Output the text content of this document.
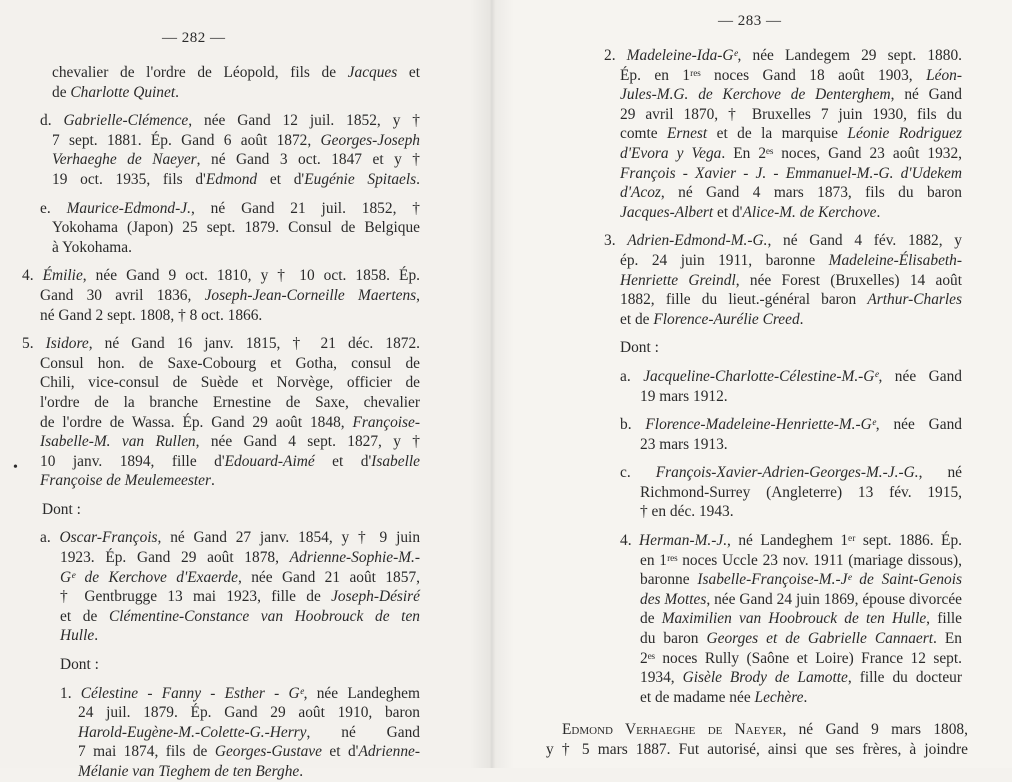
— 282 —
chevalier de l'ordre de Léopold, fils de Jacques et
de Charlotte Quinet.
d. Gabrielle-Clémence, née Gand 12 juil. 1852, y †
7 sept. 1881. Ép. Gand 6 août 1872, Georges-Joseph
Verhaeghe de Naeyer, né Gand 3 oct. 1847 et y †
19 oct. 1935, fils d'Edmond et d'Eugénie Spitaels.
e. Maurice-Edmond-J., né Gand 21 juil. 1852, †
Yokohama (Japon) 25 sept. 1879. Consul de Belgique
à Yokohama.
4. Émilie, née Gand 9 oct. 1810, y † 10 oct. 1858. Ép.
Gand 30 avril 1836, Joseph-Jean-Corneille Maertens,
né Gand 2 sept. 1808, † 8 oct. 1866.
5. Isidore, né Gand 16 janv. 1815, † 21 déc. 1872.
Consul hon. de Saxe-Cobourg et Gotha, consul de
Chili, vice-consul de Suède et Norvège, officier de
l'ordre de la branche Ernestine de Saxe, chevalier
de l'ordre de Wassa. Ép. Gand 29 août 1848, Françoise-
Isabelle-M. van Rullen, née Gand 4 sept. 1827, y †
10 janv. 1894, fille d'Edouard-Aimé et d'Isabelle
Françoise de Meulemeester.
Dont :
a. Oscar-François, né Gand 27 janv. 1854, y † 9 juin
1923. Ép. Gand 29 août 1878, Adrienne-Sophie-M.-
Gᵉ de Kerchove d'Exaerde, née Gand 21 août 1857,
† Gentbrugge 13 mai 1923, fille de Joseph-Désiré
et de Clémentine-Constance van Hoobrouck de ten
Hulle.
Dont :
1. Célestine - Fanny - Esther - Gᵉ, née Landeghem
24 juil. 1879. Ép. Gand 29 août 1910, baron
Harold-Eugène-M.-Colette-G.-Herry, né Gand
7 mai 1874, fils de Georges-Gustave et d'Adrienne-
Mélanie van Tieghem de ten Berghe.
•
— 283 —
2. Madeleine-Ida-Gᵉ, née Landegem 29 sept. 1880.
Ép. en 1ʳᵉˢ noces Gand 18 août 1903, Léon-
Jules-M.G. de Kerchove de Denterghem, né Gand
29 avril 1870, † Bruxelles 7 juin 1930, fils du
comte Ernest et de la marquise Léonie Rodriguez
d'Evora y Vega. En 2ᵉˢ noces, Gand 23 août 1932,
François - Xavier - J. - Emmanuel-M.-G. d'Udekem
d'Acoz, né Gand 4 mars 1873, fils du baron
Jacques-Albert et d'Alice-M. de Kerchove.
3. Adrien-Edmond-M.-G., né Gand 4 fév. 1882, y
ép. 24 juin 1911, baronne Madeleine-Élisabeth-
Henriette Greindl, née Forest (Bruxelles) 14 août
1882, fille du lieut.-général baron Arthur-Charles
et de Florence-Aurélie Creed.
Dont :
a. Jacqueline-Charlotte-Célestine-M.-Gᵉ, née Gand
19 mars 1912.
b. Florence-Madeleine-Henriette-M.-Gᵉ, née Gand
23 mars 1913.
c. François-Xavier-Adrien-Georges-M.-J.-G., né
Richmond-Surrey (Angleterre) 13 fév. 1915,
† en déc. 1943.
4. Herman-M.-J., né Landeghem 1ᵉʳ sept. 1886. Ép.
en 1ʳᵉˢ noces Uccle 23 nov. 1911 (mariage dissous),
baronne Isabelle-Françoise-M.-Jᵉ de Saint-Genois
des Mottes, née Gand 24 juin 1869, épouse divorcée
de Maximilien van Hoobrouck de ten Hulle, fille
du baron Georges et de Gabrielle Cannaert. En
2ᵉˢ noces Rully (Saône et Loire) France 12 sept.
1934, Gisèle Brody de Lamotte, fille du docteur
et de madame née Lechère.
Edmond Verhaeghe de Naeyer, né Gand 9 mars 1808,
y † 5 mars 1887. Fut autorisé, ainsi que ses frères, à joindre
